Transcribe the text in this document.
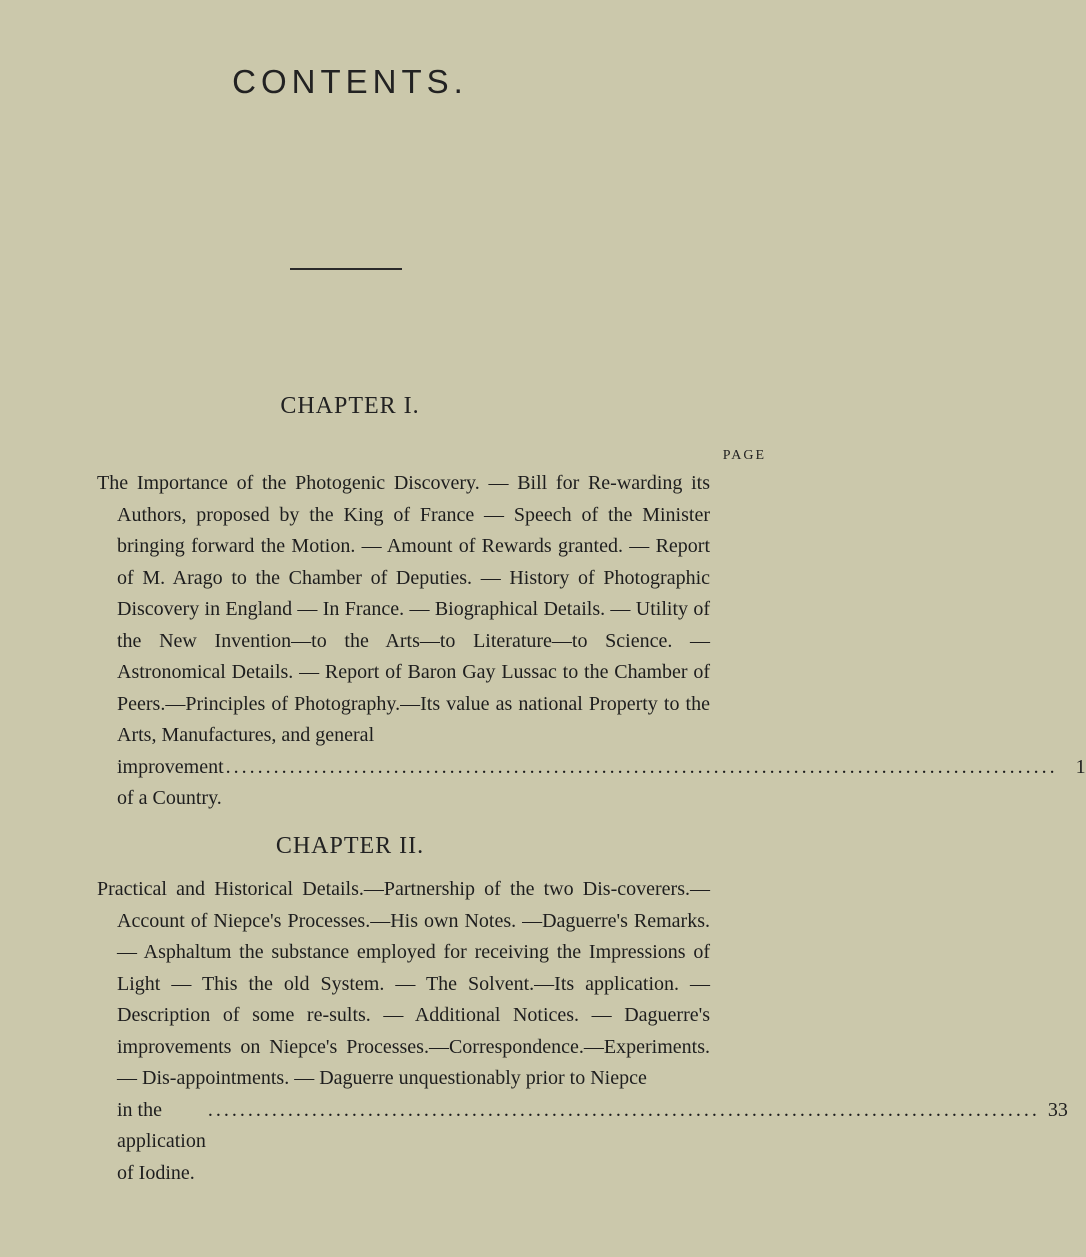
CONTENTS.
CHAPTER I.
PAGE
The Importance of the Photogenic Discovery. — Bill for Re-warding its Authors, proposed by the King of France — Speech of the Minister bringing forward the Motion. — Amount of Rewards granted. — Report of M. Arago to the Chamber of Deputies. — History of Photographic Discovery in England — In France. — Biographical Details. — Utility of the New Invention—to the Arts—to Literature—to Science. —Astronomical Details. — Report of Baron Gay Lussac to the Chamber of Peers.—Principles of Photography.—Its value as national Property to the Arts, Manufactures, and general
improvement of a Country.
........................................................................................................ 1
CHAPTER II.
Practical and Historical Details.—Partnership of the two Dis-coverers.—Account of Niepce's Processes.—His own Notes. —Daguerre's Remarks. — Asphaltum the substance employed for receiving the Impressions of Light — This the old System. — The Solvent.—Its application. — Description of some re-sults. — Additional Notices. — Daguerre's improvements on Niepce's Processes.—Correspondence.—Experiments. — Dis-appointments. — Daguerre unquestionably prior to Niepce
in the application of Iodine.
........................................................................................................ 33
